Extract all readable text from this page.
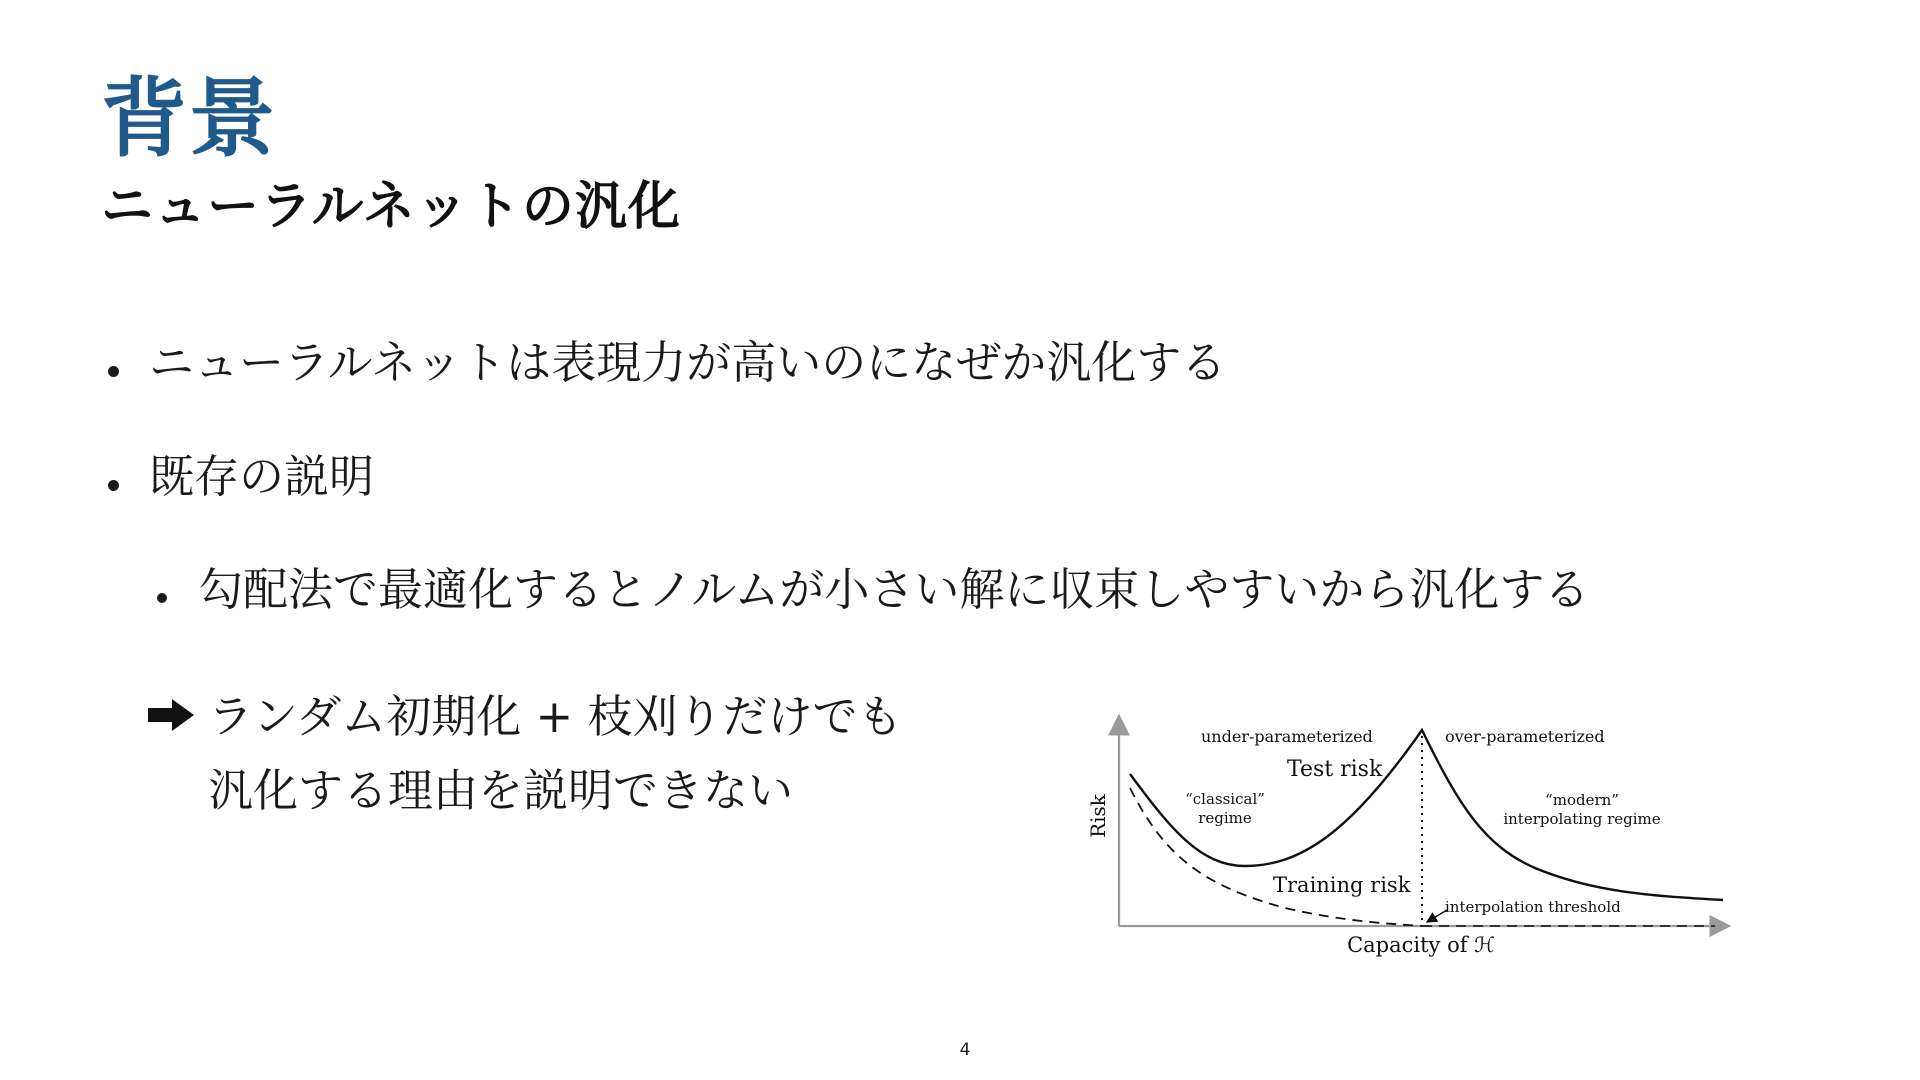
背景
ニューラルネットの汎化
ニューラルネットは表現力が高いのになぜか汎化する
既存の説明
勾配法で最適化するとノルムが小さい解に収束しやすいから汎化する
ランダム初期化 + 枝刈りだけでも
汎化する理由を説明できない
under-parameterized	over-parameterized
Test risk
“classical”
regime
“modern”
interpolating regime
Training risk
interpolation threshold
Capacity of ℋ
Risk
4
